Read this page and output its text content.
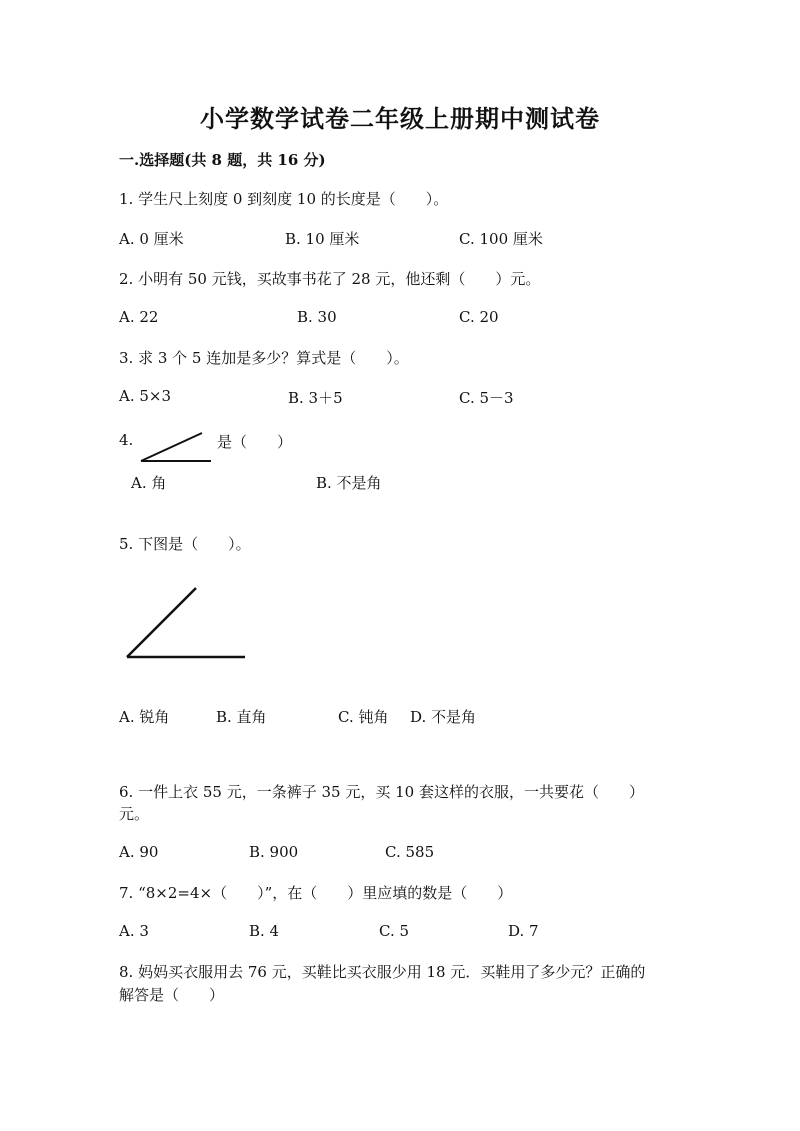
小学数学试卷二年级上册期中测试卷
一.选择题(共 8 题，共 16 分)
1. 学生尺上刻度 0 到刻度 10 的长度是（　　）。
A. 0 厘米	B. 10 厘米	C. 100 厘米
2. 小明有 50 元钱，买故事书花了 28 元，他还剩（　　）元。
A. 22	B. 30	C. 20
3. 求 3 个 5 连加是多少？算式是（　　）。
A. 5×3	B. 3＋5	C. 5－3
4.	是（　　）
A. 角	B. 不是角
5. 下图是（　　）。
A. 锐角	B. 直角	C. 钝角 D. 不是角
6. 一件上衣 55 元，一条裤子 35 元，买 10 套这样的衣服，一共要花（　　）
元。
A. 90	B. 900	C. 585
7. “8×2=4×（　　）”，在（　　）里应填的数是（　　）
A. 3	B. 4	C. 5	D. 7
8. 妈妈买衣服用去 76 元，买鞋比买衣服少用 18 元．买鞋用了多少元？正确的
解答是（　　）
